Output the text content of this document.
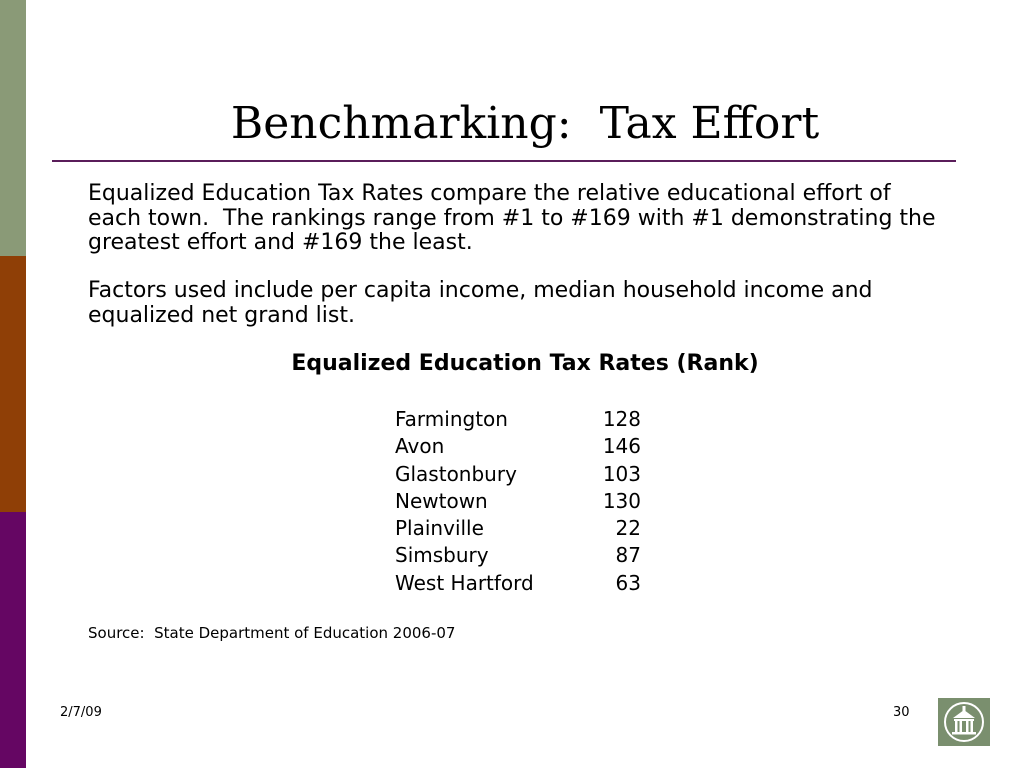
Benchmarking:  Tax Effort
Equalized Education Tax Rates compare the relative educational effort of each town.  The rankings range from #1 to #169 with #1 demonstrating the greatest effort and #169 the least.
Factors used include per capita income, median household income and equalized net grand list.
Equalized Education Tax Rates (Rank)
Farmington	128
Avon	146
Glastonbury	103
Newtown	130
Plainville	22
Simsbury	87
West Hartford	63
Source:  State Department of Education 2006-07
2/7/09	30
